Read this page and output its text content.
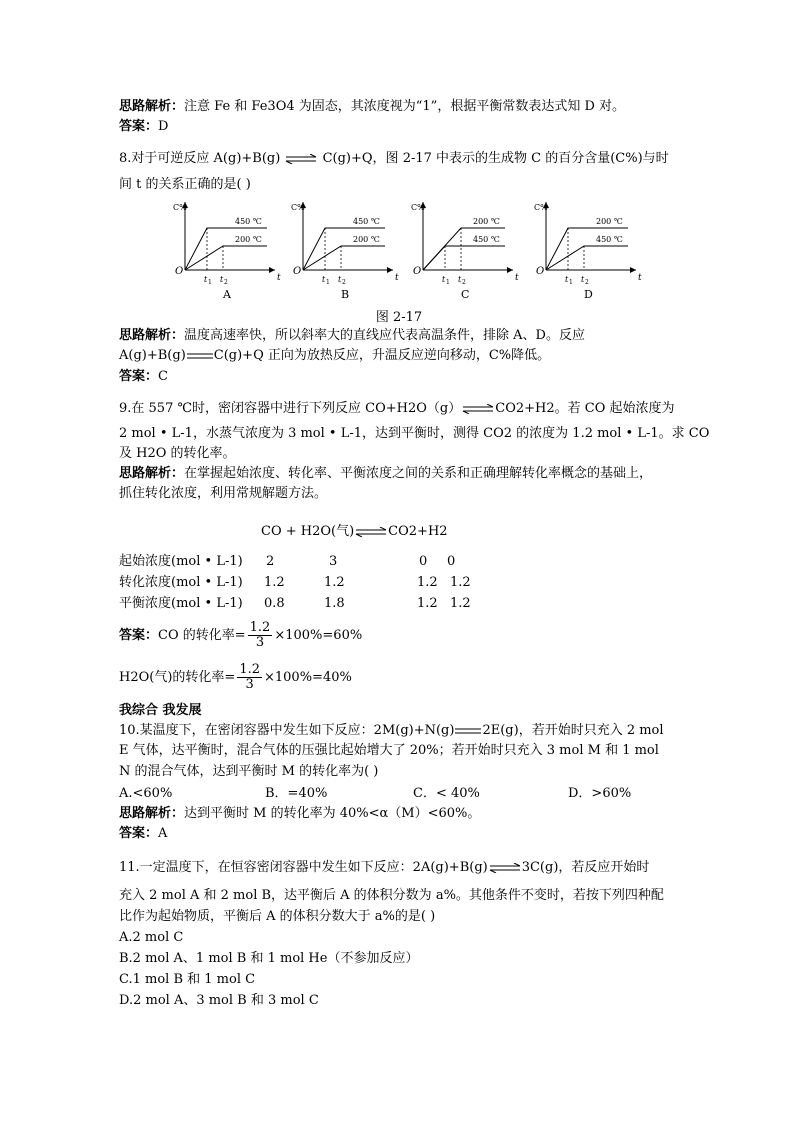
思路解析：注意 Fe 和 Fe3O4 为固态，其浓度视为“1”，根据平衡常数表达式知 D 对。
答案：D
8.对于可逆反应 A(g)+B(g) ⇌ C(g)+Q，图 2-17 中表示的生成物 C 的百分含量(C%)与时
间 t 的关系正确的是( )
C%
O
t
t 1 t 2
A
450 ℃
200 ℃
C%
O
t
t 1 t 2
B
450 ℃
200 ℃
C%
O
t
t 1 t 2
C
200 ℃
450 ℃
C%
O
t
t 1 t 2
D
200 ℃
450 ℃
图 2-17
思路解析：温度高速率快，所以斜率大的直线应代表高温条件，排除 A、D。反应
A(g)+B(g) C(g)+Q 正向为放热反应，升温反应逆向移动，C%降低。
答案：C
9.在 557 ℃时，密闭容器中进行下列反应 CO+H2O（g）⇌CO2+H2。若 CO 起始浓度为
2 mol • L-1，水蒸气浓度为 3 mol • L-1，达到平衡时，测得 CO2 的浓度为 1.2 mol • L-1。求 CO
及 H2O 的转化率。
思路解析：在掌握起始浓度、转化率、平衡浓度之间的关系和正确理解转化率概念的基础上，
抓住转化浓度，利用常规解题方法。
CO + H2O(气)⇌CO2+H2
起始浓度(mol • L-1) 2	3	0 0
转化浓度(mol • L-1) 1.2	1.2	1.2 1.2
平衡浓度(mol • L-1) 0.8	1.8	1.2 1.2
答案：CO 的转化率= $\frac{1.2}{3} \times 100\%=60\%$
H2O(气)的转化率= $\frac{1.2}{3} \times 100\%=40\%$
我综合 我发展
10.某温度下，在密闭容器中发生如下反应：2M(g)+N(g) 2E(g)，若开始时只充入 2 mol
E 气体，达平衡时，混合气体的压强比起始增大了 20%；若开始时只充入 3 mol M 和 1 mol
N 的混合气体，达到平衡时 M 的转化率为( )
A.<60%	B．=40%	C．< 40%	D．>60%
思路解析：达到平衡时 M 的转化率为 40%<α（M）<60%。
答案：A
11.一定温度下，在恒容密闭容器中发生如下反应：2A(g)+B(g)⇌3C(g)，若反应开始时
充入 2 mol A 和 2 mol B，达平衡后 A 的体积分数为 a%。其他条件不变时，若按下列四种配
比作为起始物质，平衡后 A 的体积分数大于 a%的是( )
A.2 mol C
B.2 mol A、1 mol B 和 1 mol He（不参加反应）
C.1 mol B 和 1 mol C
D.2 mol A、3 mol B 和 3 mol C
